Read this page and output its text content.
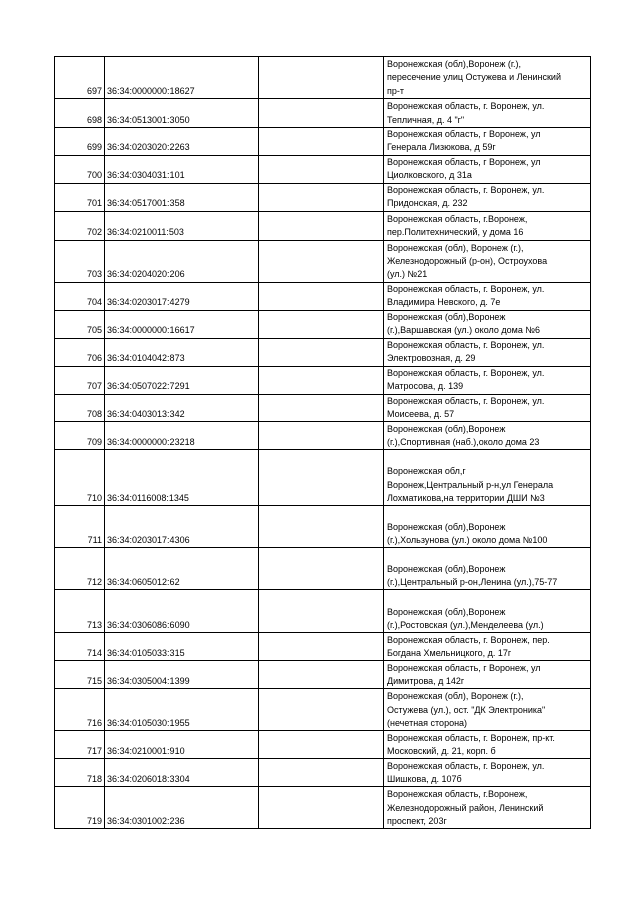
697	36:34:0000000:18627		Воронежская (обл),Воронеж (г.),
пересечение улиц Остужева и Ленинский
пр-т

698	36:34:0513001:3050		Воронежская область, г. Воронеж, ул.
Тепличная, д. 4 "г"

699	36:34:0203020:2263		Воронежская область, г Воронеж, ул
Генерала Лизюкова, д 59г

700	36:34:0304031:101		Воронежская область, г Воронеж, ул
Циолковского, д 31а

701	36:34:0517001:358		Воронежская область, г. Воронеж, ул.
Придонская, д. 232

702	36:34:0210011:503		Воронежская область, г.Воронеж,
пер.Политехнический, у дома 16

703	36:34:0204020:206		Воронежская (обл), Воронеж (г.),
Железнодорожный (р-он), Остроухова
(ул.) №21

704	36:34:0203017:4279		Воронежская область, г. Воронеж, ул.
Владимира Невского, д. 7е

705	36:34:0000000:16617		Воронежская (обл),Воронеж
(г.),Варшавская (ул.) около дома №6

706	36:34:0104042:873		Воронежская область, г. Воронеж, ул.
Электровозная, д. 29

707	36:34:0507022:7291		Воронежская область, г. Воронеж, ул.
Матросова, д. 139

708	36:34:0403013:342		Воронежская область, г. Воронеж, ул.
Моисеева, д. 57

709	36:34:0000000:23218		Воронежская (обл),Воронеж
(г.),Спортивная (наб.),около дома 23

710	36:34:0116008:1345		Воронежская обл,г
Воронеж,Центральный р-н,ул Генерала
Лохматикова,на территории ДШИ №3

711	36:34:0203017:4306		Воронежская (обл),Воронеж
(г.),Хользунова (ул.) около дома №100

712	36:34:0605012:62		Воронежская (обл),Воронеж
(г.),Центральный р-он,Ленина (ул.),75-77

713	36:34:0306086:6090		Воронежская (обл),Воронеж
(г.),Ростовская (ул.),Менделеева (ул.)

714	36:34:0105033:315		Воронежская область, г. Воронеж, пер.
Богдана Хмельницкого, д. 17г

715	36:34:0305004:1399		Воронежская область, г Воронеж, ул
Димитрова, д 142г

716	36:34:0105030:1955		Воронежская (обл), Воронеж (г.),
Остужева (ул.), ост. "ДК Электроника"
(нечетная сторона)

717	36:34:0210001:910		Воронежская область, г. Воронеж, пр-кт.
Московский, д. 21, корп. б

718	36:34:0206018:3304		Воронежская область, г. Воронеж, ул.
Шишкова, д. 107б

719	36:34:0301002:236		Воронежская область, г.Воронеж,
Железнодорожный район, Ленинский
проспект, 203г
